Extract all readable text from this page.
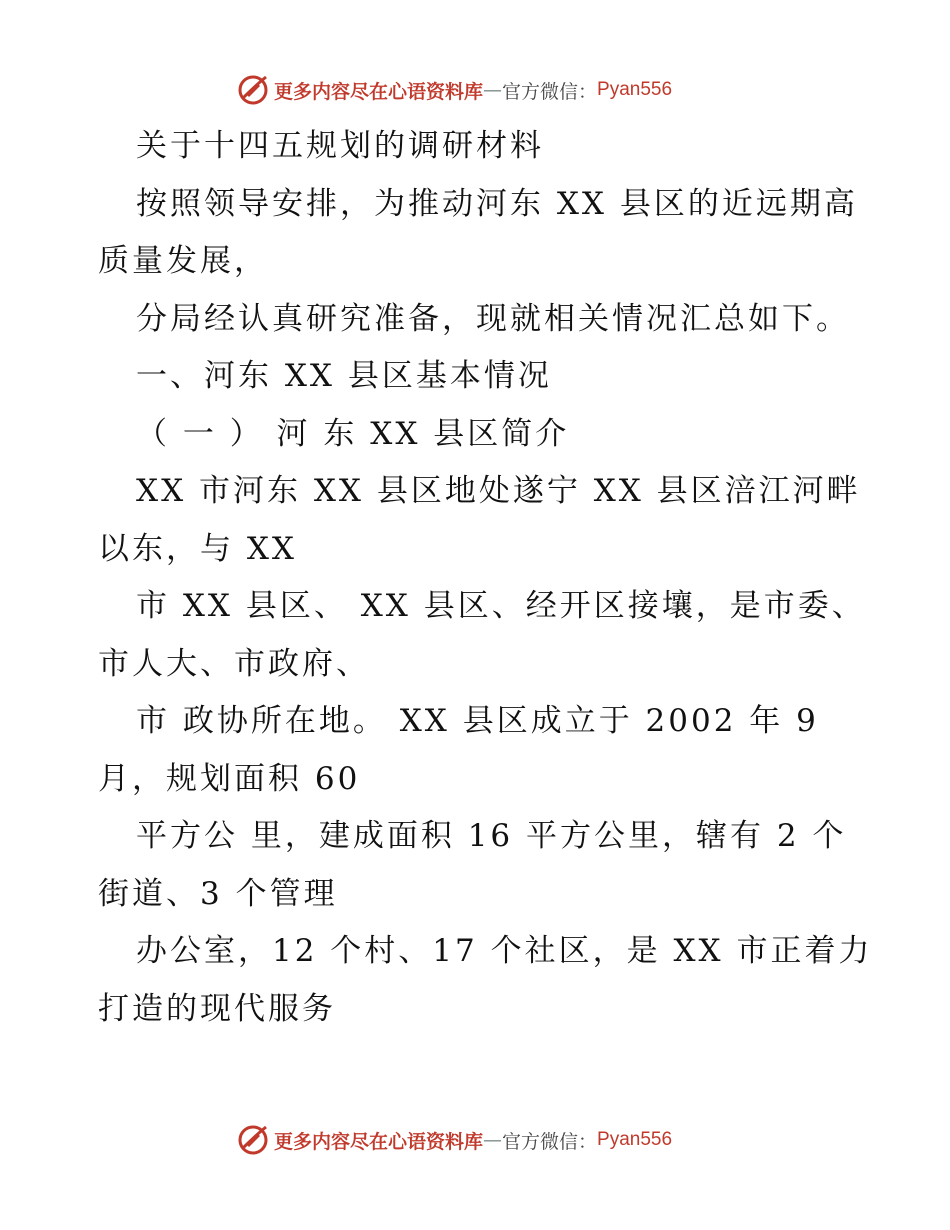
更多内容尽在心语资料库 — 官方微信： Pyan556
关于十四五规划的调研材料
按照领导安排，为推动河东 XX 县区的近远期高
质量发展，
分局经认真研究准备，现就相关情况汇总如下。
一、河东 XX 县区基本情况
（ 一 ） 河 东 XX 县区简介
XX 市河东 XX 县区地处遂宁 XX 县区涪江河畔
以东，与 XX
市 XX 县区、 XX 县区、经开区接壤，是市委、
市人大、市政府、
市 政协所在地。 XX 县区成立于 2002 年 9
月，规划面积 60
平方公 里，建成面积 16 平方公里，辖有 2 个
街道、3 个管理
办公室，12 个村、17 个社区，是 XX 市正着力
打造的现代服务
更多内容尽在心语资料库 — 官方微信： Pyan556
